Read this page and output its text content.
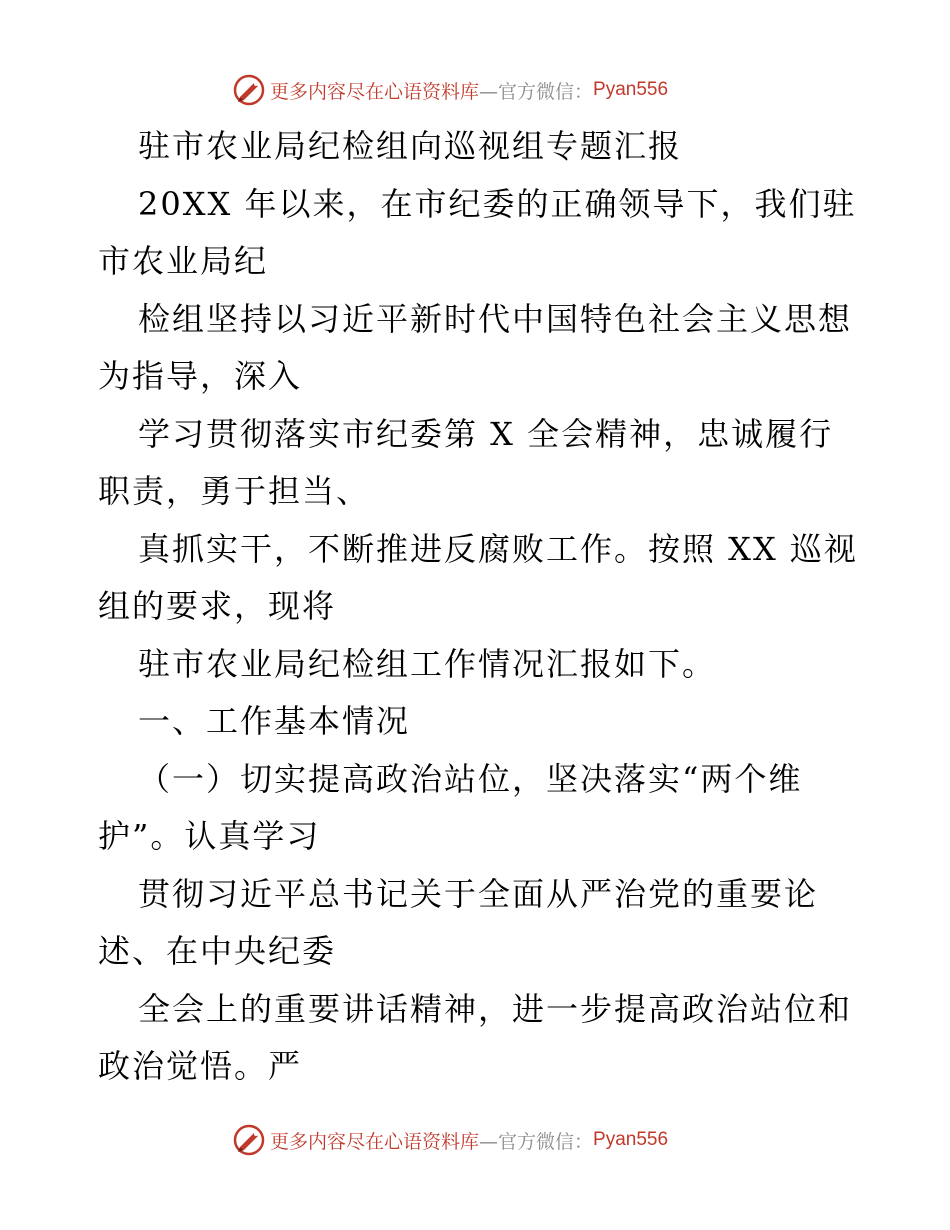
更多内容尽在心语资料库 —官方微信： Pyan556
驻市农业局纪检组向巡视组专题汇报
20XX 年以来，在市纪委的正确领导下，我们驻
市农业局纪
检组坚持以习近平新时代中国特色社会主义思想
为指导，深入
学习贯彻落实市纪委第 X 全会精神，忠诚履行
职责，勇于担当、
真抓实干，不断推进反腐败工作。按照 XX 巡视
组的要求，现将
驻市农业局纪检组工作情况汇报如下。
一、工作基本情况
（一）切实提高政治站位，坚决落实“两个维
护”。认真学习
贯彻习近平总书记关于全面从严治党的重要论
述、在中央纪委
全会上的重要讲话精神，进一步提高政治站位和
政治觉悟。严
更多内容尽在心语资料库 —官方微信： Pyan556
